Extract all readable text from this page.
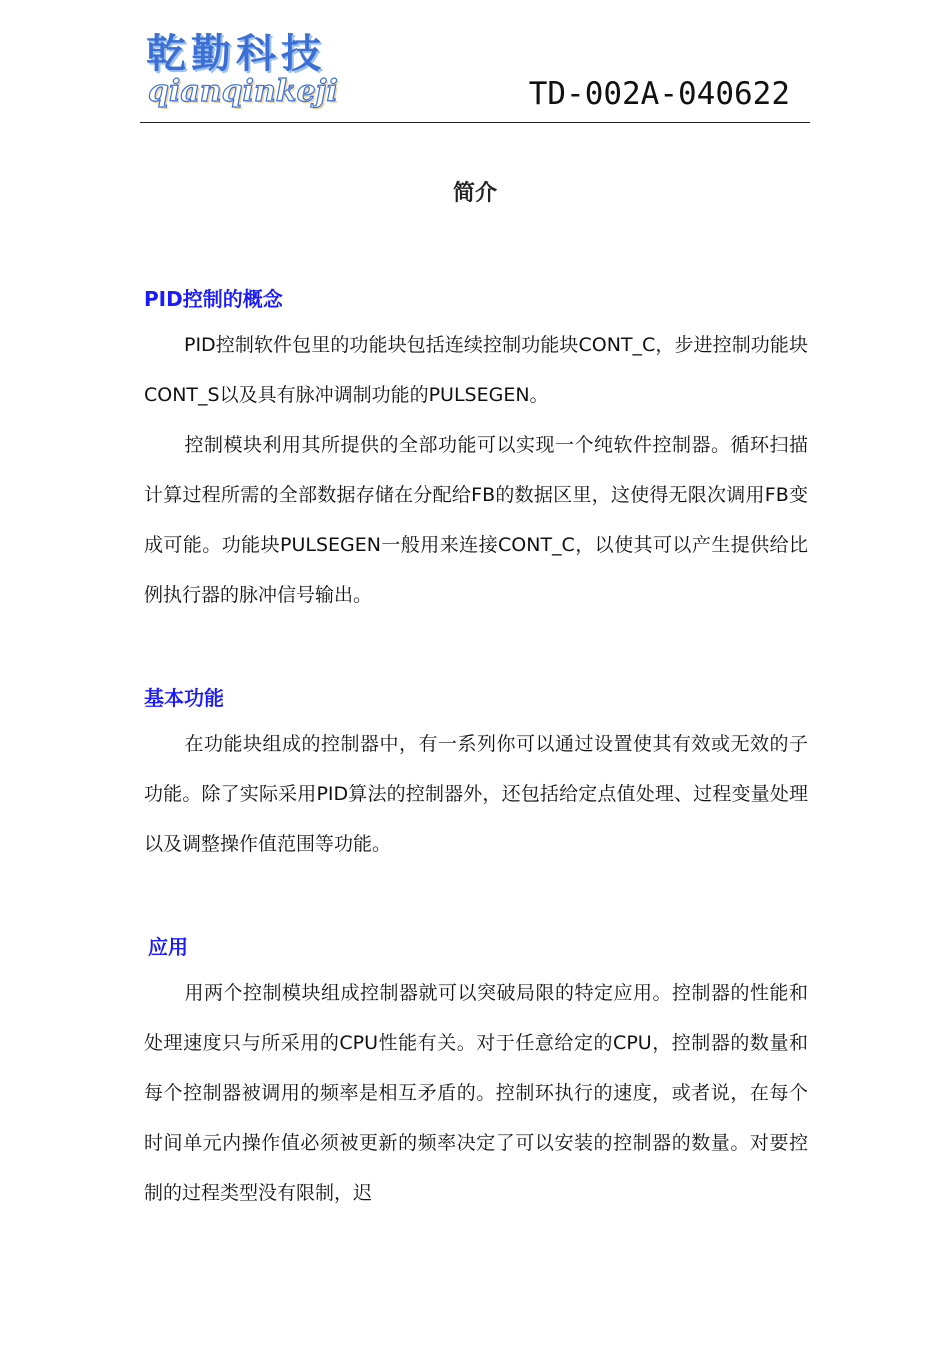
乾勤科技
qianqinkeji	TD-002A-040622
简介
PID控制的概念

PID控制软件包里的功能块包括连续控制功能块CONT_C，步进控制功能块CONT_S以及具有脉冲调制功能的PULSEGEN。

控制模块利用其所提供的全部功能可以实现一个纯软件控制器。循环扫描计算过程所需的全部数据存储在分配给FB的数据区里，这使得无限次调用FB变成可能。功能块PULSEGEN一般用来连接CONT_C，以使其可以产生提供给比例执行器的脉冲信号输出。

基本功能

在功能块组成的控制器中，有一系列你可以通过设置使其有效或无效的子功能。除了实际采用PID算法的控制器外，还包括给定点值处理、过程变量处理以及调整操作值范围等功能。

应用

用两个控制模块组成控制器就可以突破局限的特定应用。控制器的性能和处理速度只与所采用的CPU性能有关。对于任意给定的CPU，控制器的数量和每个控制器被调用的频率是相互矛盾的。控制环执行的速度，或者说，在每个时间单元内操作值必须被更新的频率决定了可以安装的控制器的数量。对要控制的过程类型没有限制，迟
